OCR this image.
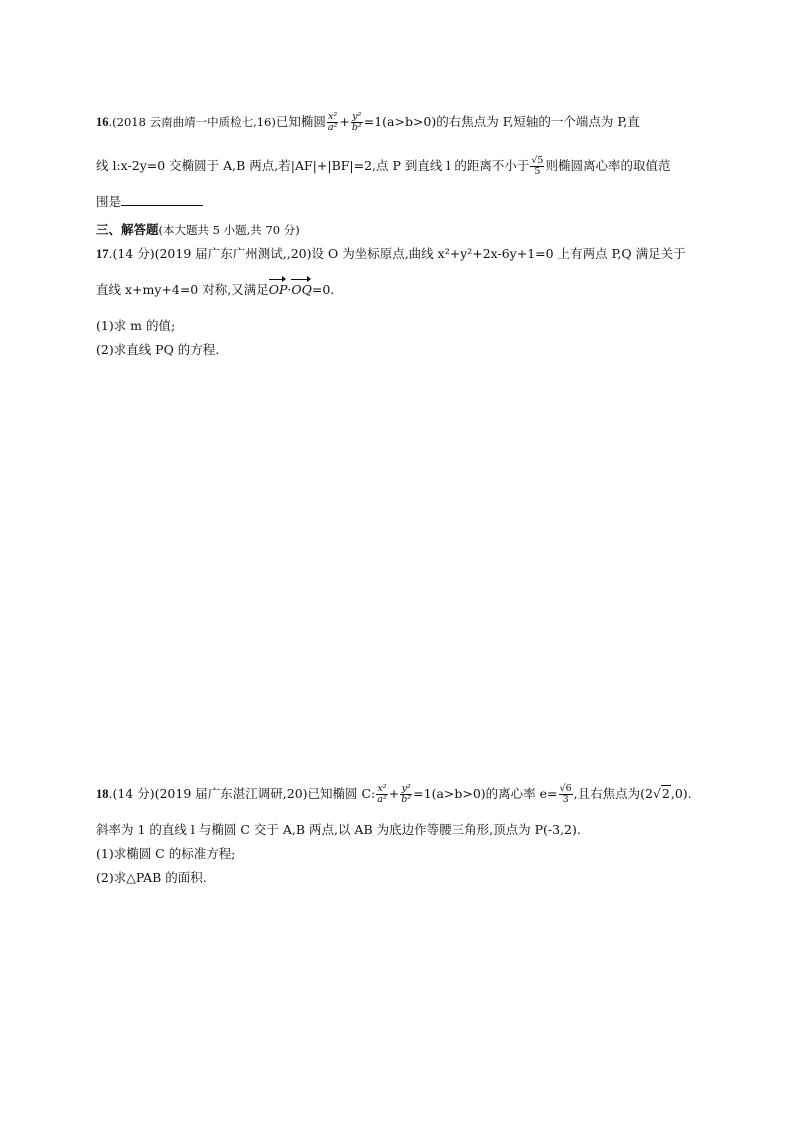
16.(2018 云南曲靖一中质检七,16)已知椭圆 $\frac{\text{x²}}{\text{a²}} + \frac{\text{y²}}{\text{b²}} =1(a>b>0)$的右焦点为 F,短轴的一个端点为 P,直
线 l:x-2y=0 交椭圆于 A,B 两点,若|AF|+|BF|=2,点 P 到直线 l 的距离不小于 $\frac{√5}{5}$ 则椭圆离心率的取值范
围是
三、解答题(本大题共 5 小题,共 70 分)
17.(14 分)(2019 届广东广州测试,,20)设 O 为坐标原点,曲线 x²+y²+2x-6y+1=0 上有两点 P,Q 满足关于
直线 x+my+4=0 对称,又满足OP·OQ=0.
(1)求 m 的值;
(2)求直线 PQ 的方程.
18.(14 分)(2019 届广东湛江调研,20)已知椭圆 C: $\frac{\text{x²}}{\text{a²}} + \frac{\text{y²}}{\text{b²}} =1(a>b>0)$的离心率 $e= \frac{√6}{3}$ ,且右焦点为(2√2,0).
斜率为 1 的直线 l 与椭圆 C 交于 A,B 两点,以 AB 为底边作等腰三角形,顶点为 P(-3,2).
(1)求椭圆 C 的标准方程;
(2)求△PAB 的面积.
